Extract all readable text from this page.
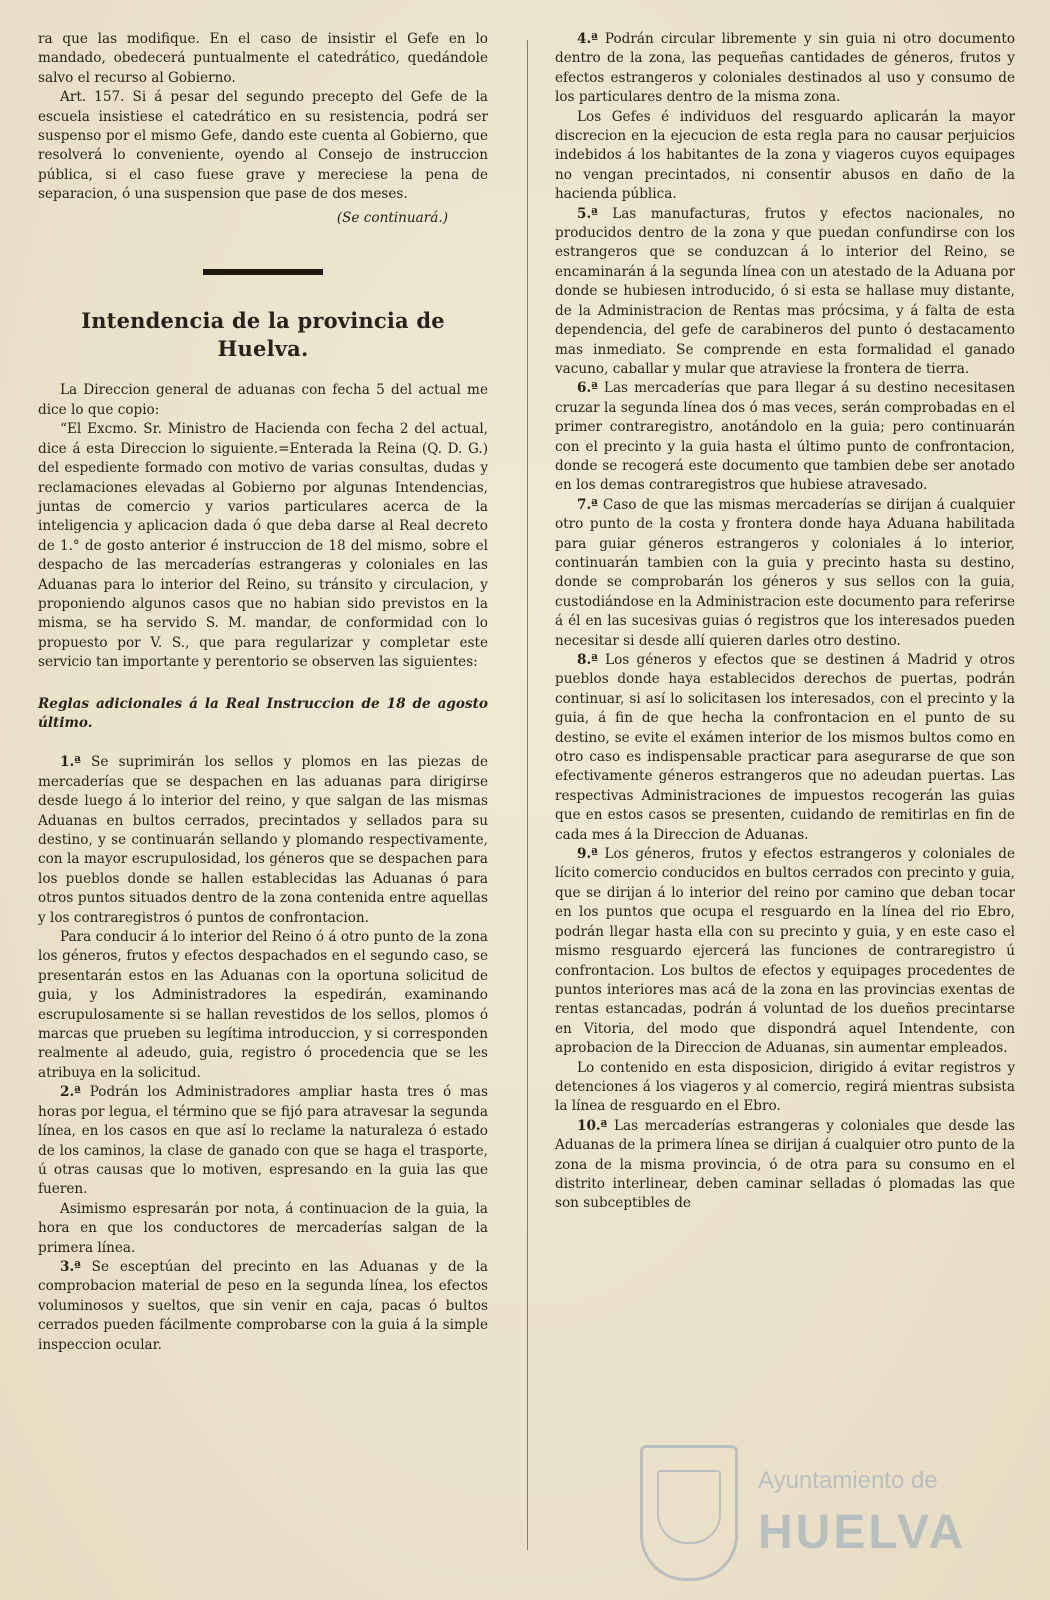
ra que las modifique. En el caso de insistir el Gefe en lo mandado, obedecerá puntualmente el catedrático, quedándole salvo el recurso al Gobierno.

Art. 157. Si á pesar del segundo precepto del Gefe de la escuela insistiese el catedrático en su resistencia, podrá ser suspenso por el mismo Gefe, dando este cuenta al Gobierno, que resolverá lo conveniente, oyendo al Consejo de instruccion pública, si el caso fuese grave y mereciese la pena de separacion, ó una suspension que pase de dos meses.

(Se continuará.)

Intendencia de la provincia de Huelva.

La Direccion general de aduanas con fecha 5 del actual me dice lo que copio:

“El Excmo. Sr. Ministro de Hacienda con fecha 2 del actual, dice á esta Direccion lo siguiente.=Enterada la Reina (Q. D. G.) del espediente formado con motivo de varias consultas, dudas y reclamaciones elevadas al Gobierno por algunas Intendencias, juntas de comercio y varios particulares acerca de la inteligencia y aplicacion dada ó que deba darse al Real decreto de 1.° de gosto anterior é instruccion de 18 del mismo, sobre el despacho de las mercaderías estrangeras y coloniales en las Aduanas para lo interior del Reino, su tránsito y circulacion, y proponiendo algunos casos que no habian sido previstos en la misma, se ha servido S. M. mandar, de conformidad con lo propuesto por V. S., que para regularizar y completar este servicio tan importante y perentorio se observen las siguientes:

Reglas adicionales á la Real Instruccion de 18 de agosto último.

1.ª Se suprimirán los sellos y plomos en las piezas de mercaderías que se despachen en las aduanas para dirigirse desde luego á lo interior del reino, y que salgan de las mismas Aduanas en bultos cerrados, precintados y sellados para su destino, y se continuarán sellando y plomando respectivamente, con la mayor escrupulosidad, los géneros que se despachen para los pueblos donde se hallen establecidas las Aduanas ó para otros puntos situados dentro de la zona contenida entre aquellas y los contraregistros ó puntos de confrontacion.

Para conducir á lo interior del Reino ó á otro punto de la zona los géneros, frutos y efectos despachados en el segundo caso, se presentarán estos en las Aduanas con la oportuna solicitud de guia, y los Administradores la espedirán, examinando escrupulosamente si se hallan revestidos de los sellos, plomos ó marcas que prueben su legítima introduccion, y si corresponden realmente al adeudo, guia, registro ó procedencia que se les atribuya en la solicitud.

2.ª Podrán los Administradores ampliar hasta tres ó mas horas por legua, el término que se fijó para atravesar la segunda línea, en los casos en que así lo reclame la naturaleza ó estado de los caminos, la clase de ganado con que se haga el trasporte, ú otras causas que lo motiven, espresando en la guia las que fueren.

Asimismo espresarán por nota, á continuacion de la guia, la hora en que los conductores de mercaderías salgan de la primera línea.

3.ª Se esceptúan del precinto en las Aduanas y de la comprobacion material de peso en la segunda línea, los efectos voluminosos y sueltos, que sin venir en caja, pacas ó bultos cerrados pueden fácilmente comprobarse con la guia á la simple inspeccion ocular.

4.ª Podrán circular libremente y sin guia ni otro documento dentro de la zona, las pequeñas cantidades de géneros, frutos y efectos estrangeros y coloniales destinados al uso y consumo de los particulares dentro de la misma zona.

Los Gefes é individuos del resguardo aplicarán la mayor discrecion en la ejecucion de esta regla para no causar perjuicios indebidos á los habitantes de la zona y viageros cuyos equipages no vengan precintados, ni consentir abusos en daño de la hacienda pública.

5.ª Las manufacturas, frutos y efectos nacionales, no producidos dentro de la zona y que puedan confundirse con los estrangeros que se conduzcan á lo interior del Reino, se encaminarán á la segunda línea con un atestado de la Aduana por donde se hubiesen introducido, ó si esta se hallase muy distante, de la Administracion de Rentas mas prócsima, y á falta de esta dependencia, del gefe de carabineros del punto ó destacamento mas inmediato. Se comprende en esta formalidad el ganado vacuno, caballar y mular que atraviese la frontera de tierra.

6.ª Las mercaderías que para llegar á su destino necesitasen cruzar la segunda línea dos ó mas veces, serán comprobadas en el primer contraregistro, anotándolo en la guia; pero continuarán con el precinto y la guia hasta el último punto de confrontacion, donde se recogerá este documento que tambien debe ser anotado en los demas contraregistros que hubiese atravesado.

7.ª Caso de que las mismas mercaderías se dirijan á cualquier otro punto de la costa y frontera donde haya Aduana habilitada para guiar géneros estrangeros y coloniales á lo interior, continuarán tambien con la guia y precinto hasta su destino, donde se comprobarán los géneros y sus sellos con la guia, custodiándose en la Administracion este documento para referirse á él en las sucesivas guias ó registros que los interesados pueden necesitar si desde allí quieren darles otro destino.

8.ª Los géneros y efectos que se destinen á Madrid y otros pueblos donde haya establecidos derechos de puertas, podrán continuar, si así lo solicitasen los interesados, con el precinto y la guia, á fin de que hecha la confrontacion en el punto de su destino, se evite el exámen interior de los mismos bultos como en otro caso es indispensable practicar para asegurarse de que son efectivamente géneros estrangeros que no adeudan puertas. Las respectivas Administraciones de impuestos recogerán las guias que en estos casos se presenten, cuidando de remitirlas en fin de cada mes á la Direccion de Aduanas.

9.ª Los géneros, frutos y efectos estrangeros y coloniales de lícito comercio conducidos en bultos cerrados con precinto y guia, que se dirijan á lo interior del reino por camino que deban tocar en los puntos que ocupa el resguardo en la línea del rio Ebro, podrán llegar hasta ella con su precinto y guia, y en este caso el mismo resguardo ejercerá las funciones de contraregistro ú confrontacion. Los bultos de efectos y equipages procedentes de puntos interiores mas acá de la zona en las provincias exentas de rentas estancadas, podrán á voluntad de los dueños precintarse en Vitoria, del modo que dispondrá aquel Intendente, con aprobacion de la Direccion de Aduanas, sin aumentar empleados.

Lo contenido en esta disposicion, dirigido á evitar registros y detenciones á los viageros y al comercio, regirá mientras subsista la línea de resguardo en el Ebro.

10.ª Las mercaderías estrangeras y coloniales que desde las Aduanas de la primera línea se dirijan á cualquier otro punto de la zona de la misma provincia, ó de otra para su consumo en el distrito interlinear, deben caminar selladas ó plomadas las que son subceptibles de

Ayuntamiento de
HUELVA
